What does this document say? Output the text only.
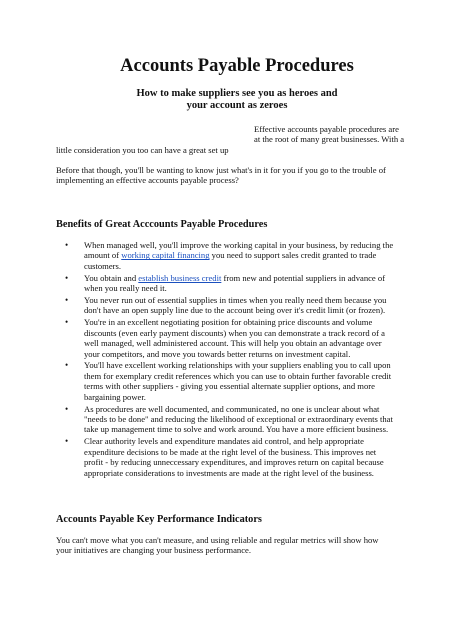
Accounts Payable Procedures
How to make suppliers see you as heroes and
your account as zeroes
Effective accounts payable procedures are
at the root of many great businesses. With a
little consideration you too can have a great set up
Before that though, you'll be wanting to know just what's in it for you if you go to the trouble of
implementing an effective accounts payable process?
Benefits of Great Acccounts Payable Procedures
• When managed well, you'll improve the working capital in your business, by reducing the
amount of working capital financing you need to support sales credit granted to trade
customers.
• You obtain and establish business credit from new and potential suppliers in advance of
when you really need it.
• You never run out of essential supplies in times when you really need them because you
don't have an open supply line due to the account being over it's credit limit (or frozen).
• You're in an excellent negotiating position for obtaining price discounts and volume
discounts (even early payment discounts) when you can demonstrate a track record of a
well managed, well administered account. This will help you obtain an advantage over
your competitors, and move you towards better returns on investment capital.
• You'll have excellent working relationships with your suppliers enabling you to call upon
them for exemplary credit references which you can use to obtain further favorable credit
terms with other suppliers - giving you essential alternate supplier options, and more
bargaining power.
• As procedures are well documented, and communicated, no one is unclear about what
"needs to be done" and reducing the likelihood of exceptional or extraordinary events that
take up management time to solve and work around. You have a more efficient business.
• Clear authority levels and expenditure mandates aid control, and help appropriate
expenditure decisions to be made at the right level of the business. This improves net
profit - by reducing unneccessary expenditures, and improves return on capital because
appropriate considerations to investments are made at the right level of the business.
Accounts Payable Key Performance Indicators
You can't move what you can't measure, and using reliable and regular metrics will show how
your initiatives are changing your business performance.
